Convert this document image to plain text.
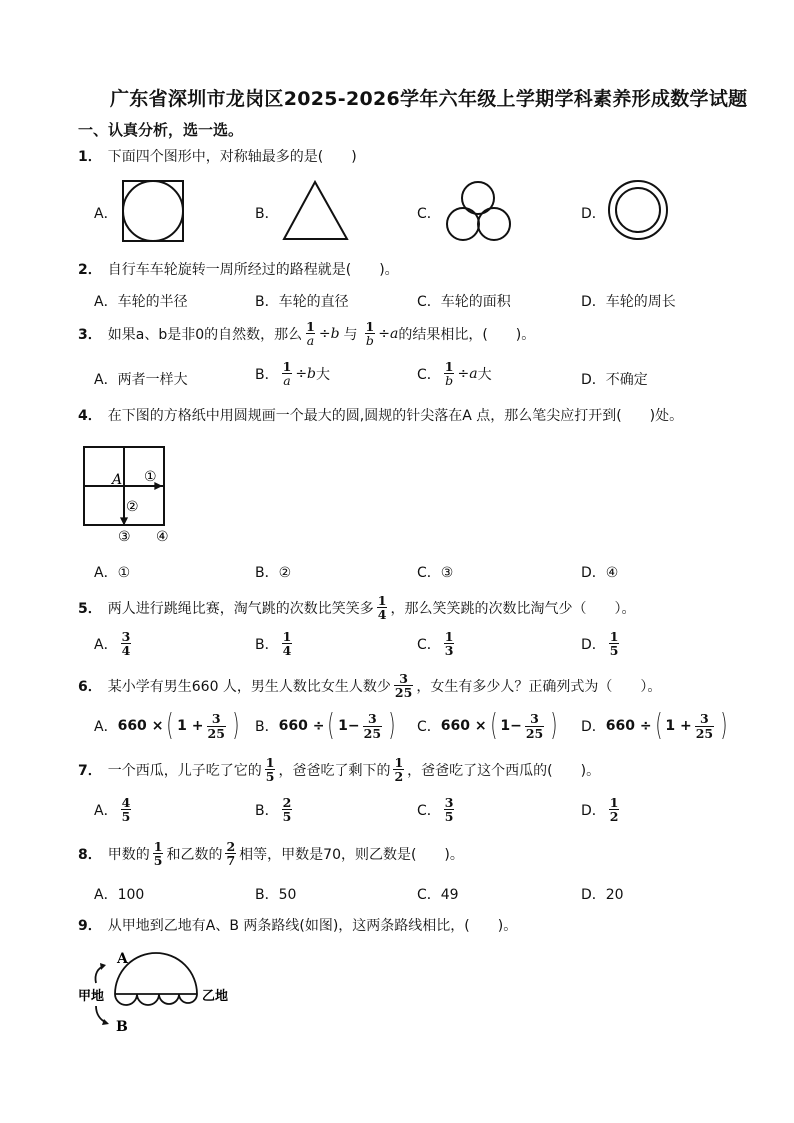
广东省深圳市龙岗区2025-2026学年六年级上学期学科素养形成数学试题
一、认真分析，选一选。
1． 下面四个图形中，对称轴最多的是(　　)
A．	B．	C．	D．
2． 自行车车轮旋转一周所经过的路程就是(　　)。
A．车轮的半径	B．车轮的直径	C．车轮的面积	D．车轮的周长
3． 如果a、b是非0的自然数，那么 $\frac{1}{a} \div b$ 与 $\frac{1}{b} \div a$ 的结果相比，(　　)。
A．两者一样大	B． $\frac{1}{a} \div b$ 大	C． $\frac{1}{b} \div a$ 大	D．不确定
4． 在下图的方格纸中用圆规画一个最大的圆,圆规的针尖落在A 点，那么笔尖应打开到(　　)处。
A ①
②
③ ④
A．①	B．②	C．③	D．④
5． 两人进行跳绳比赛，淘气跳的次数比笑笑多 $\frac{1}{4}$ ，那么笑笑跳的次数比淘气少（　　）。
A． $\frac{3}{4}$	B． $\frac{1}{4}$	C． $\frac{1}{3}$	D． $\frac{1}{5}$
6． 某小学有男生660 人，男生人数比女生人数少 $\frac{3}{25}$ ，女生有多少人？正确列式为（　　）。
A． 660
× ( $1 + \frac{3}{25}$ ) B． 660
÷ ( $1- \frac{3}{25}$ ) C． 660
× ( $1- \frac{3}{25}$ ) D． 660
÷ ( $1 + \frac{3}{25}$ )
7． 一个西瓜，儿子吃了它的 $\frac{1}{5}$ ，爸爸吃了剩下的 $\frac{1}{2}$ ，爸爸吃了这个西瓜的(　　)。
A． $\frac{4}{5}$	B． $\frac{2}{5}$	C． $\frac{3}{5}$	D． $\frac{1}{2}$
8． 甲数的 $\frac{1}{5}$ 和乙数的 $\frac{2}{7}$ 相等，甲数是70，则乙数是(　　)。
A．100	B．50	C．49	D．20
9． 从甲地到乙地有A、B 两条路线(如图)，这两条路线相比，(　　)。
A
B
甲地	乙地
